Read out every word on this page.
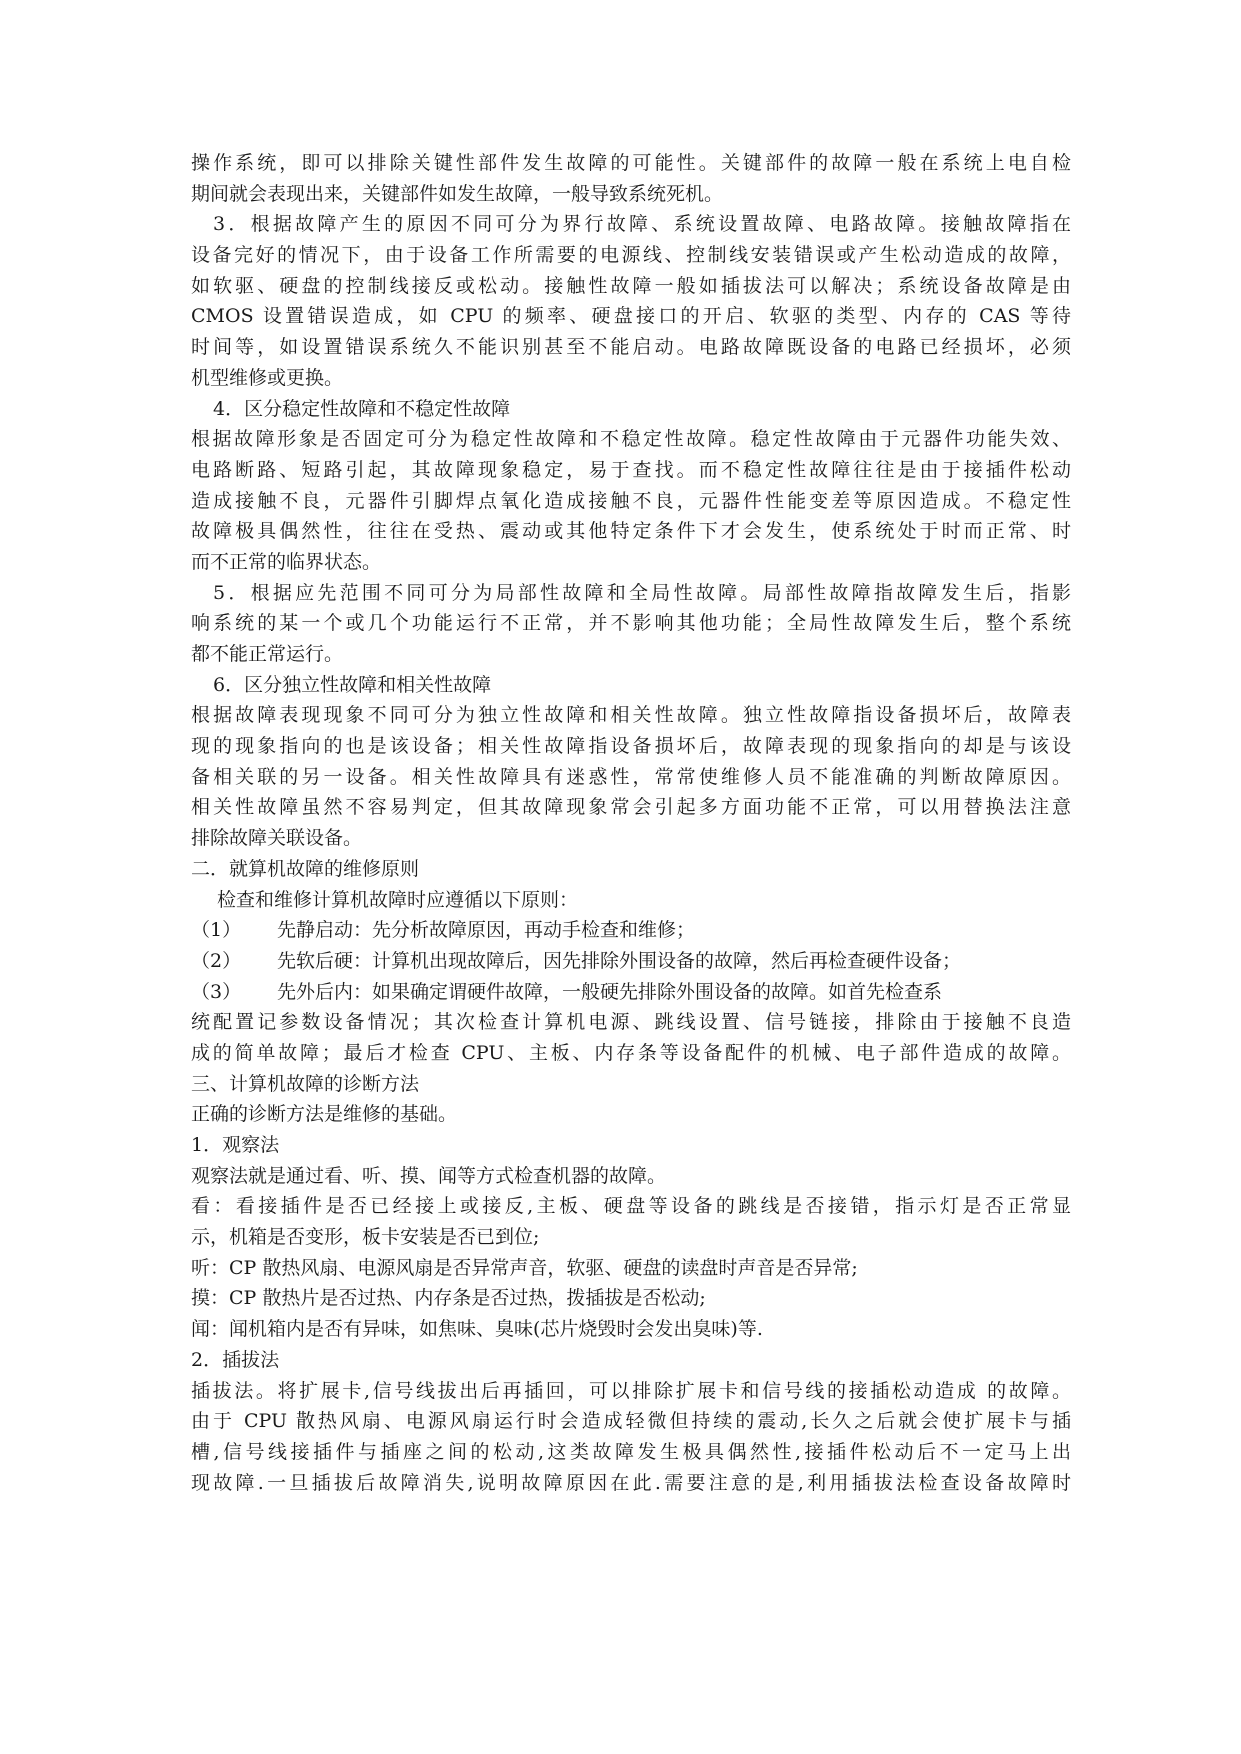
操作系统，即可以排除关键性部件发生故障的可能性。关键部件的故障一般在系统上电自检
期间就会表现出来，关键部件如发生故障，一般导致系统死机。
3．根据故障产生的原因不同可分为界行故障、系统设置故障、电路故障。接触故障指在
设备完好的情况下，由于设备工作所需要的电源线、控制线安装错误或产生松动造成的故障，
如软驱、硬盘的控制线接反或松动。接触性故障一般如插拔法可以解决；系统设备故障是由
CMOS 设置错误造成，如 CPU 的频率、硬盘接口的开启、软驱的类型、内存的 CAS 等待
时间等，如设置错误系统久不能识别甚至不能启动。电路故障既设备的电路已经损坏，必须
机型维修或更换。
4．区分稳定性故障和不稳定性故障
根据故障形象是否固定可分为稳定性故障和不稳定性故障。稳定性故障由于元器件功能失效、
电路断路、短路引起，其故障现象稳定，易于查找。而不稳定性故障往往是由于接插件松动
造成接触不良，元器件引脚焊点氧化造成接触不良，元器件性能变差等原因造成。不稳定性
故障极具偶然性，往往在受热、震动或其他特定条件下才会发生，使系统处于时而正常、时
而不正常的临界状态。
5．根据应先范围不同可分为局部性故障和全局性故障。局部性故障指故障发生后，指影
响系统的某一个或几个功能运行不正常，并不影响其他功能；全局性故障发生后，整个系统
都不能正常运行。
6．区分独立性故障和相关性故障
根据故障表现现象不同可分为独立性故障和相关性故障。独立性故障指设备损坏后，故障表
现的现象指向的也是该设备；相关性故障指设备损坏后，故障表现的现象指向的却是与该设
备相关联的另一设备。相关性故障具有迷惑性，常常使维修人员不能准确的判断故障原因。
相关性故障虽然不容易判定，但其故障现象常会引起多方面功能不正常，可以用替换法注意
排除故障关联设备。
二．就算机故障的维修原则
检查和维修计算机故障时应遵循以下原则：
（1）	先静启动：先分析故障原因，再动手检查和维修；
（2）	先软后硬：计算机出现故障后，因先排除外围设备的故障，然后再检查硬件设备；
（3）	先外后内：如果确定谓硬件故障，一般硬先排除外围设备的故障。如首先检查系
统配置记参数设备情况；其次检查计算机电源、跳线设置、信号链接，排除由于接触不良造
成的简单故障；最后才检查 CPU、主板、内存条等设备配件的机械、电子部件造成的故障。
三、计算机故障的诊断方法
正确的诊断方法是维修的基础。
1．观察法
观察法就是通过看、听、摸、闻等方式检查机器的故障。
看：看接插件是否已经接上或接反,主板、硬盘等设备的跳线是否接错，指示灯是否正常显
示，机箱是否变形，板卡安装是否已到位;
听：CP 散热风扇、电源风扇是否异常声音，软驱、硬盘的读盘时声音是否异常;
摸：CP 散热片是否过热、内存条是否过热，拨插拔是否松动;
闻：闻机箱内是否有异味，如焦味、臭味(芯片烧毁时会发出臭味)等.
2．插拔法
插拔法。将扩展卡,信号线拔出后再插回，可以排除扩展卡和信号线的接插松动造成 的故障。
由于 CPU 散热风扇、电源风扇运行时会造成轻微但持续的震动,长久之后就会使扩展卡与插
槽,信号线接插件与插座之间的松动,这类故障发生极具偶然性,接插件松动后不一定马上出
现故障.一旦插拔后故障消失,说明故障原因在此.需要注意的是,利用插拔法检查设备故障时
